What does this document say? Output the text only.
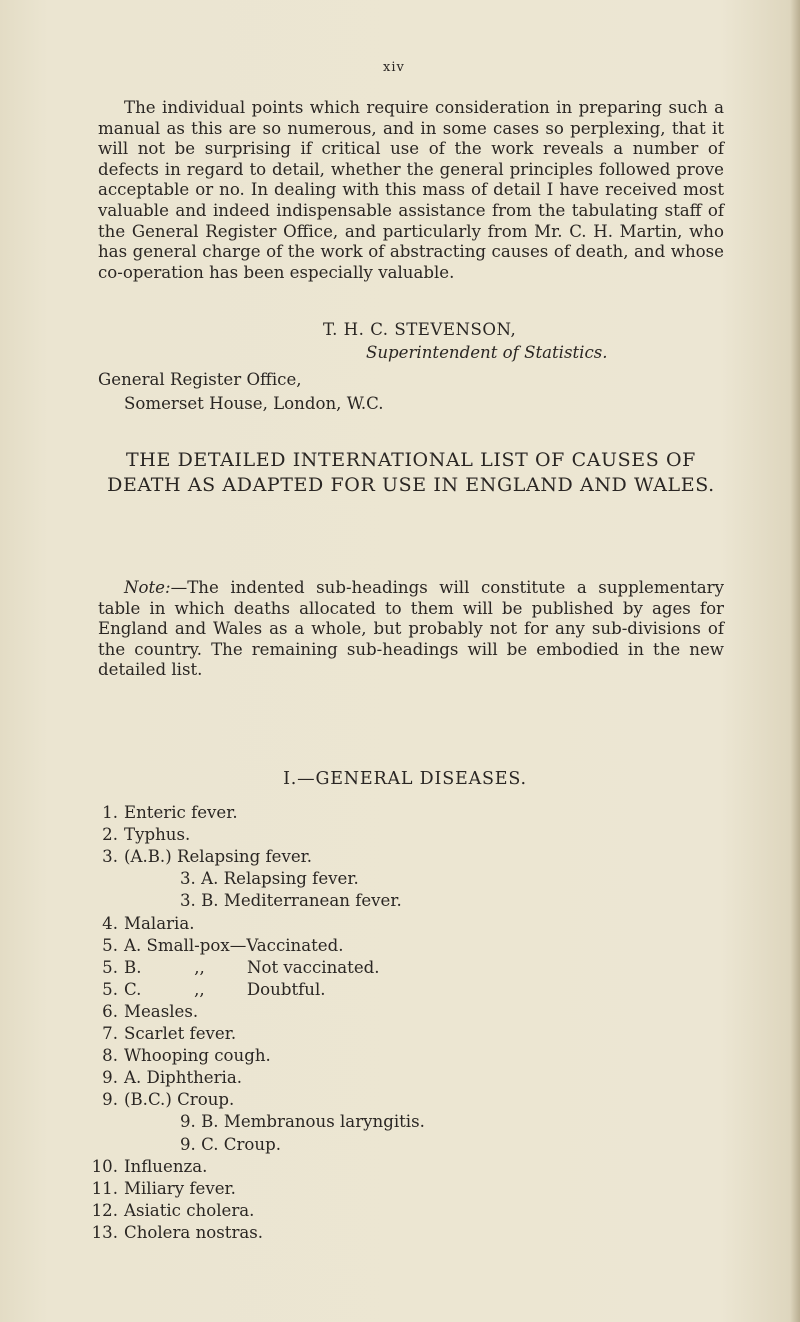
xiv

The individual points which require consideration in preparing such a manual as this are so numerous, and in some cases so perplexing, that it will not be surprising if critical use of the work reveals a number of defects in regard to detail, whether the general principles followed prove acceptable or no. In dealing with this mass of detail I have received most valuable and indeed indispensable assistance from the tabulating staff of the General Register Office, and particularly from Mr. C. H. Martin, who has general charge of the work of abstracting causes of death, and whose co-operation has been especially valuable.

T. H. C. STEVENSON,
Superintendent of Statistics.
General Register Office,
Somerset House, London, W.C.
THE DETAILED INTERNATIONAL LIST OF CAUSES OF DEATH AS ADAPTED FOR USE IN ENGLAND AND WALES.

Note:—The indented sub-headings will constitute a supplementary table in which deaths allocated to them will be published by ages for England and Wales as a whole, but probably not for any sub-divisions of the country. The remaining sub-headings will be embodied in the new detailed list.

I.—GENERAL DISEASES.
1. Enteric fever.
2. Typhus.
3. (A.B.) Relapsing fever.
3. A. Relapsing fever.
3. B. Mediterranean fever.
4. Malaria.
5. A. Small-pox—Vaccinated.
5. B.          ,,        Not vaccinated.
5. C.          ,,        Doubtful.
6. Measles.
7. Scarlet fever.
8. Whooping cough.
9. A. Diphtheria.
9. (B.C.) Croup.
9. B. Membranous laryngitis.
9. C. Croup.
10. Influenza.
11. Miliary fever.
12. Asiatic cholera.
13. Cholera nostras.
